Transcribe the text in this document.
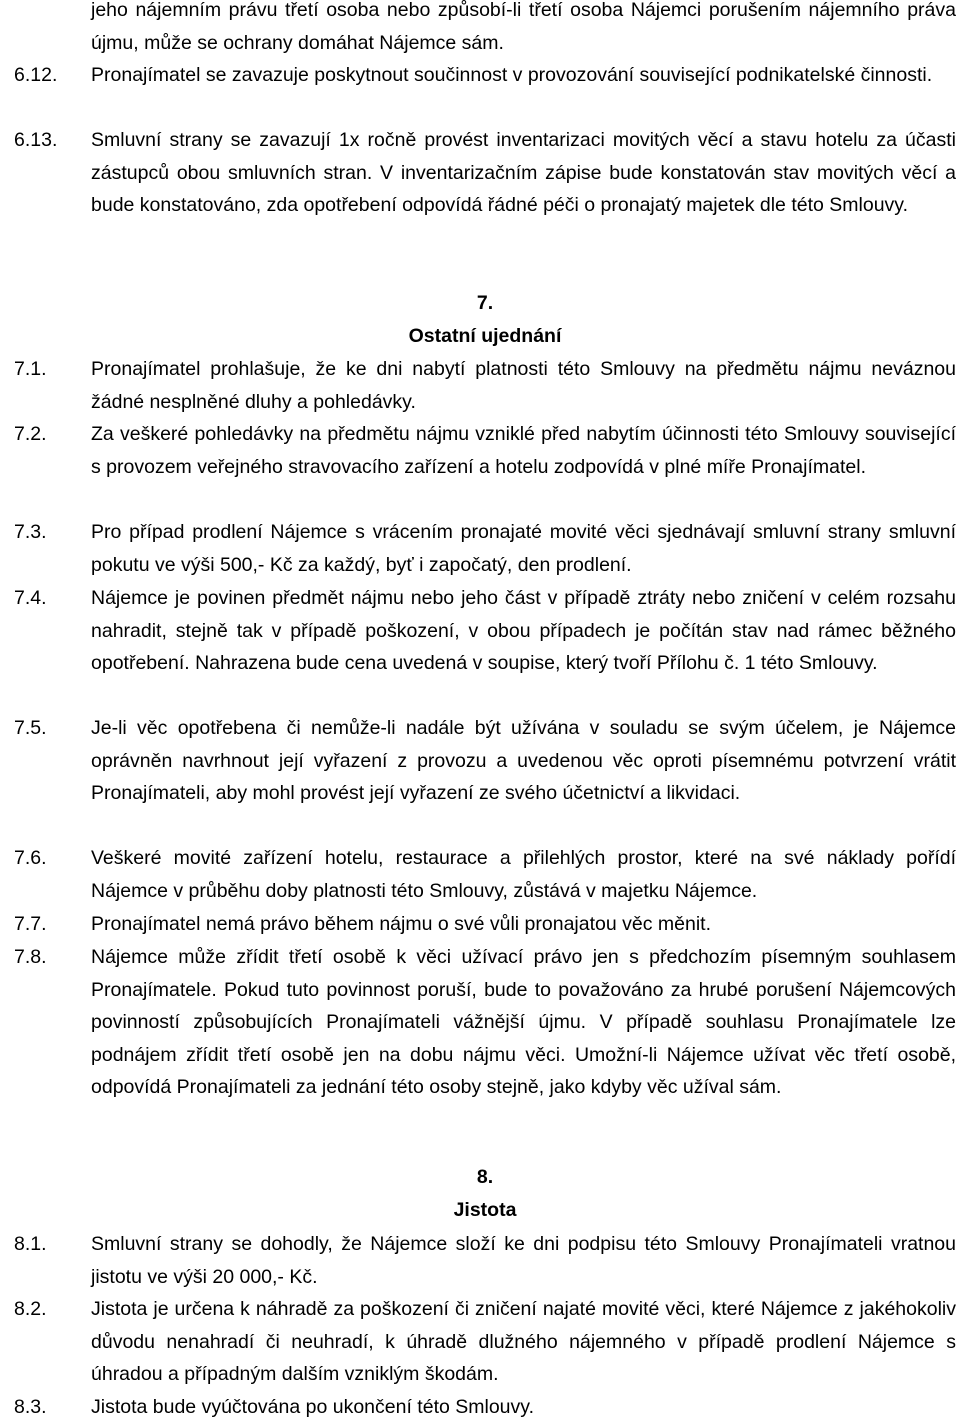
jeho nájemním právu třetí osoba nebo způsobí-li třetí osoba Nájemci porušením nájemního práva újmu, může se ochrany domáhat Nájemce sám.

6.12. Pronajímatel se zavazuje poskytnout součinnost v provozování související podnikatelské činnosti.

6.13. Smluvní strany se zavazují 1x ročně provést inventarizaci movitých věcí a stavu hotelu za účasti zástupců obou smluvních stran. V inventarizačním zápise bude konstatován stav movitých věcí a bude konstatováno, zda opotřebení odpovídá řádné péči o pronajatý majetek dle této Smlouvy.

7.
Ostatní ujednání
7.1. Pronajímatel prohlašuje, že ke dni nabytí platnosti této Smlouvy na předmětu nájmu neváznou žádné nesplněné dluhy a pohledávky.

7.2. Za veškeré pohledávky na předmětu nájmu vzniklé před nabytím účinnosti této Smlouvy související s provozem veřejného stravovacího zařízení a hotelu zodpovídá v plné míře Pronajímatel.

7.3. Pro případ prodlení Nájemce s vrácením pronajaté movité věci sjednávají smluvní strany smluvní pokutu ve výši 500,- Kč za každý, byť i započatý, den prodlení.

7.4. Nájemce je povinen předmět nájmu nebo jeho část v případě ztráty nebo zničení v celém rozsahu nahradit, stejně tak v případě poškození, v obou případech je počítán stav nad rámec běžného opotřebení. Nahrazena bude cena uvedená v soupise, který tvoří Přílohu č. 1 této Smlouvy.

7.5. Je-li věc opotřebena či nemůže-li nadále být užívána v souladu se svým účelem, je Nájemce oprávněn navrhnout její vyřazení z provozu a uvedenou věc oproti písemnému potvrzení vrátit Pronajímateli, aby mohl provést její vyřazení ze svého účetnictví a likvidaci.

7.6. Veškeré movité zařízení hotelu, restaurace a přilehlých prostor, které na své náklady pořídí Nájemce v průběhu doby platnosti této Smlouvy, zůstává v majetku Nájemce.

7.7. Pronajímatel nemá právo během nájmu o své vůli pronajatou věc měnit.

7.8. Nájemce může zřídit třetí osobě k věci užívací právo jen s předchozím písemným souhlasem Pronajímatele. Pokud tuto povinnost poruší, bude to považováno za hrubé porušení Nájemcových povinností způsobujících Pronajímateli vážnější újmu. V případě souhlasu Pronajímatele lze podnájem zřídit třetí osobě jen na dobu nájmu věci. Umožní-li Nájemce užívat věc třetí osobě, odpovídá Pronajímateli za jednání této osoby stejně, jako kdyby věc užíval sám.

8.
Jistota
8.1. Smluvní strany se dohodly, že Nájemce složí ke dni podpisu této Smlouvy Pronajímateli vratnou jistotu ve výši 20 000,- Kč.

8.2. Jistota je určena k náhradě za poškození či zničení najaté movité věci, které Nájemce z jakéhokoliv důvodu nenahradí či neuhradí, k úhradě dlužného nájemného v případě prodlení Nájemce s úhradou a případným dalším vzniklým škodám.

8.3. Jistota bude vyúčtována po ukončení této Smlouvy.
